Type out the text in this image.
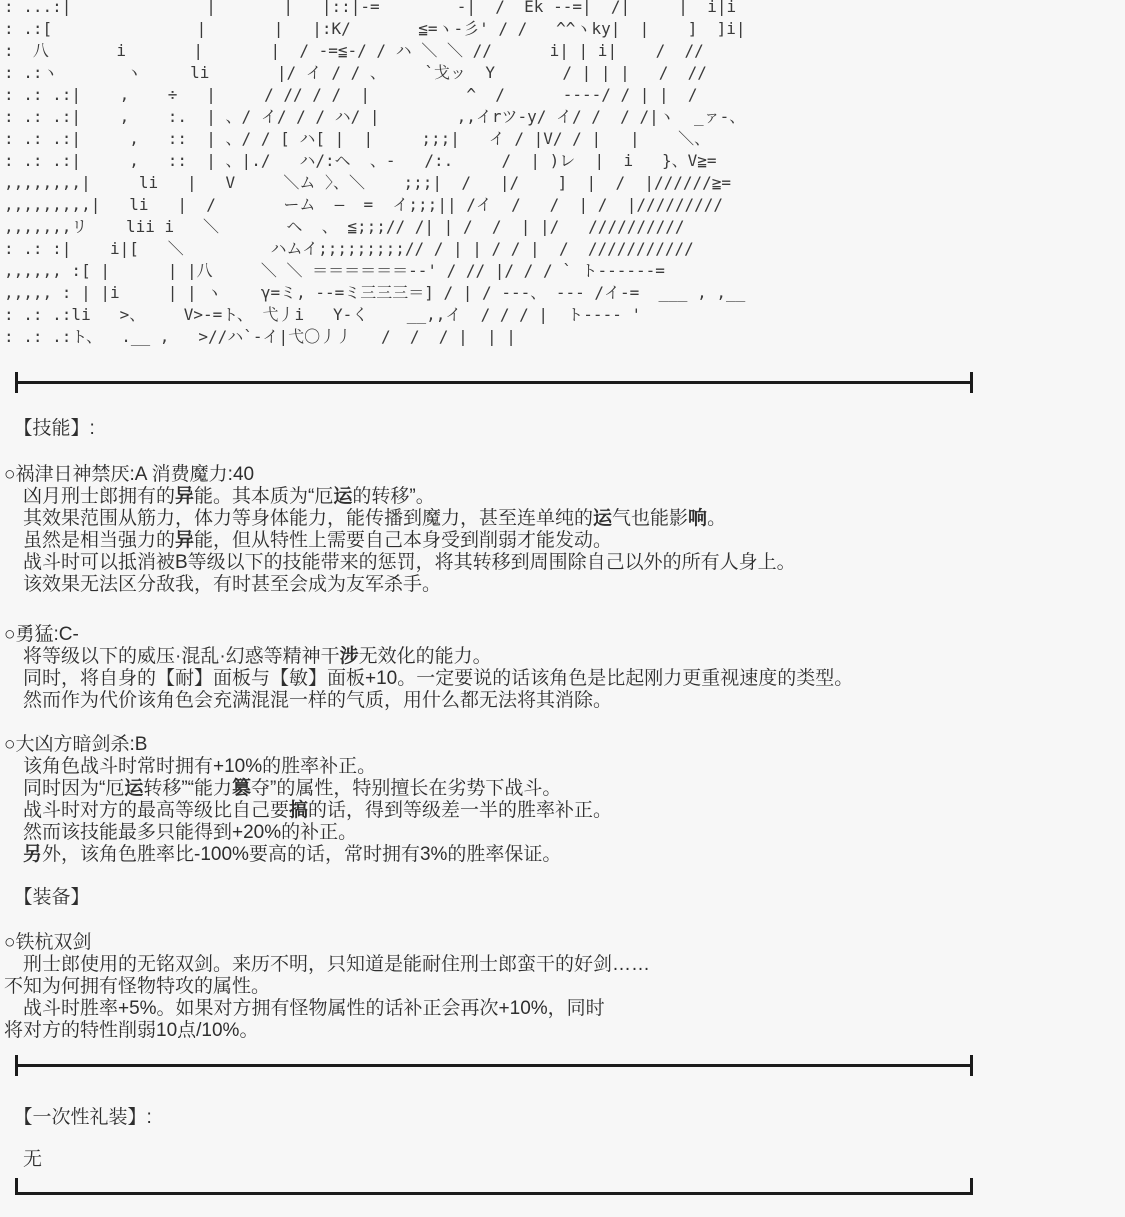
: ...:|              |       |   |::|-=        -|  /  Ek --=|  /|     |  i|i
: .:[               |       |   |:K/       ≦=ヽ-彡' / /   ^^ヽky|  |    ]  ]i|
:  八       i       |       |  / -=≦-/ / ハ ＼ ＼ //      i| | i|    /  //
: .:ヽ       ヽ     li       |/ イ / / 、    `戈ッ  Y       / | | |   /  //
: .: .:|    ,    ÷   |     / // / /  |          ^  /      ----/ / | |  /
: .: .:|    ,    :.  | 、/ イ/ / / ハ/ |        ,,イrツ-y/ イ/ /  / /|ヽ  _ァ-、
: .: .:|     ,   ::  | 、/ / [ ハ[ |  |     ;;;|   イ / |V/ / |   |    ＼、
: .: .:|     ,   ::  | 、|./   ハ/:ヘ  、-   /:.     /  | )レ  |  i   }、V≧=
,,,,,,,,|     li   |   V     ＼ム 〉、＼    ;;;|  /   |/    ]  |  /  |//////≧=
,,,,,,,,,|   li   |  /       ーム  ―  =  イ;;;|| /イ  /   /  | /  |/////////
,,,,,,,リ    lii i   ＼       ヘ  、 ≦;;;// /| | /  /  | |/   //////////
: .: :|    i|[   ＼         ハムイ;;;;;;;;;// / | | / / |  /  ///////////
,,,,,, :[ |      | |八     ＼ ＼ ＝＝＝＝＝＝--' / // |/ / / ` ト------=
,,,,, : | |i     | | ヽ    γ=ミ, --=ミ三三三＝] / | / ---、 --- /イ-=  ___ , ,__
: .: .:li   >、    V>-=ト、 弋丿i   Y-く    __,,イ  / / / |  ト---- '
: .: .:ト、  .__ ,   >//ハ`-イ|弋〇丿丿   /  /  / |  | |
　【技能】:
○祸津日神禁厌:A 消费魔力:40
　凶月刑士郎拥有的异能。其本质为“厄运的转移”。
　其效果范围从筋力，体力等身体能力，能传播到魔力，甚至连单纯的运气也能影响。
　虽然是相当强力的异能，但从特性上需要自己本身受到削弱才能发动。
　战斗时可以抵消被B等级以下的技能带来的惩罚，将其转移到周围除自己以外的所有人身上。
　该效果无法区分敌我，有时甚至会成为友军杀手。
○勇猛:C-
　将等级以下的威压·混乱·幻惑等精神干涉无效化的能力。
　同时，将自身的【耐】面板与【敏】面板+10。一定要说的话该角色是比起刚力更重视速度的类型。
　然而作为代价该角色会充满混混一样的气质，用什么都无法将其消除。
○大凶方暗剑杀:B
　该角色战斗时常时拥有+10%的胜率补正。
　同时因为“厄运转移”“能力篡夺”的属性，特别擅长在劣势下战斗。
　战斗时对方的最高等级比自己要搞的话，得到等级差一半的胜率补正。
　然而该技能最多只能得到+20%的补正。
　另外，该角色胜率比-100%要高的话，常时拥有3%的胜率保证。
　【装备】
○铁杭双剑
　刑士郎使用的无铭双剑。来历不明，只知道是能耐住刑士郎蛮干的好剑……
不知为何拥有怪物特攻的属性。
　战斗时胜率+5%。如果对方拥有怪物属性的话补正会再次+10%，同时
将对方的特性削弱10点/10%。
　【一次性礼装】:
　无
